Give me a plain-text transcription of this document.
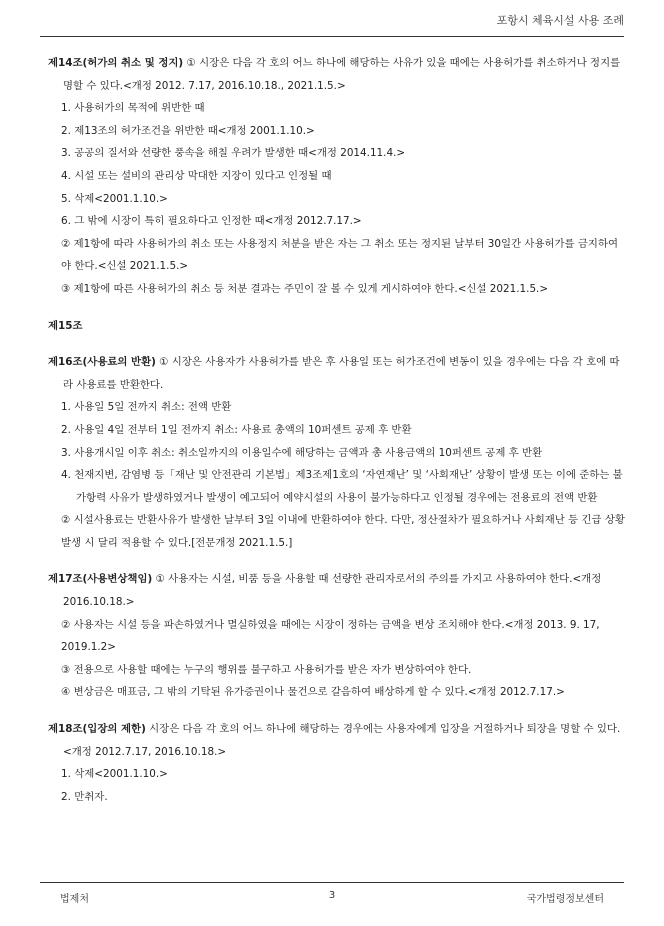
포항시 체육시설 사용 조례
제14조(허가의 취소 및 정지) ① 시장은 다음 각 호의 어느 하나에 해당하는 사유가 있을 때에는 사용허가를 취소하거나 정지를 명할 수 있다.<개정 2012. 7.17, 2016.10.18., 2021.1.5.>
1. 사용허가의 목적에 위반한 때
2. 제13조의 허가조건을 위반한 때<개정 2001.1.10.>
3. 공공의 질서와 선량한 풍속을 해칠 우려가 발생한 때<개정 2014.11.4.>
4. 시설 또는 설비의 관리상 막대한 지장이 있다고 인정될 때
5. 삭제<2001.1.10.>
6. 그 밖에 시장이 특히 필요하다고 인정한 때<개정 2012.7.17.>
② 제1항에 따라 사용허가의 취소 또는 사용정지 처분을 받은 자는 그 취소 또는 정지된 날부터 30일간 사용허가를 금지하여야 한다.<신설 2021.1.5.>
③ 제1항에 따른 사용허가의 취소 등 처분 결과는 주민이 잘 볼 수 있게 게시하여야 한다.<신설 2021.1.5.>
제15조
제16조(사용료의 반환) ① 시장은 사용자가 사용허가를 받은 후 사용일 또는 허가조건에 변동이 있을 경우에는 다음 각 호에 따라 사용료를 반환한다.
1. 사용일 5일 전까지 취소: 전액 반환
2. 사용일 4일 전부터 1일 전까지 취소: 사용료 총액의 10퍼센트 공제 후 반환
3. 사용개시일 이후 취소: 취소일까지의 이용일수에 해당하는 금액과 총 사용금액의 10퍼센트 공제 후 반환
4. 천재지변, 감염병 등「재난 및 안전관리 기본법」제3조제1호의 ‘자연재난’ 및 ‘사회재난’ 상황이 발생 또는 이에 준하는 불가항력 사유가 발생하였거나 발생이 예고되어 예약시설의 사용이 불가능하다고 인정될 경우에는 전용료의 전액 반환
② 시설사용료는 반환사유가 발생한 날부터 3일 이내에 반환하여야 한다. 다만, 정산절차가 필요하거나 사회재난 등 긴급 상황 발생 시 달리 적용할 수 있다.[전문개정 2021.1.5.]
제17조(사용변상책임) ① 사용자는 시설, 비품 등을 사용할 때 선량한 관리자로서의 주의를 가지고 사용하여야 한다.<개정 2016.10.18.>
② 사용자는 시설 등을 파손하였거나 멸실하였을 때에는 시장이 정하는 금액을 변상 조치해야 한다.<개정 2013. 9. 17, 2019.1.2>
③ 전용으로 사용할 때에는 누구의 행위를 불구하고 사용허가를 받은 자가 변상하여야 한다.
④ 변상금은 매표금, 그 밖의 기탁된 유가증권이나 물건으로 갈음하여 배상하게 할 수 있다.<개정 2012.7.17.>
제18조(입장의 제한) 시장은 다음 각 호의 어느 하나에 해당하는 경우에는 사용자에게 입장을 거절하거나 퇴장을 명할 수 있다.<개정 2012.7.17, 2016.10.18.>
1. 삭제<2001.1.10.>
2. 만취자.
법제처	3	국가법령정보센터
